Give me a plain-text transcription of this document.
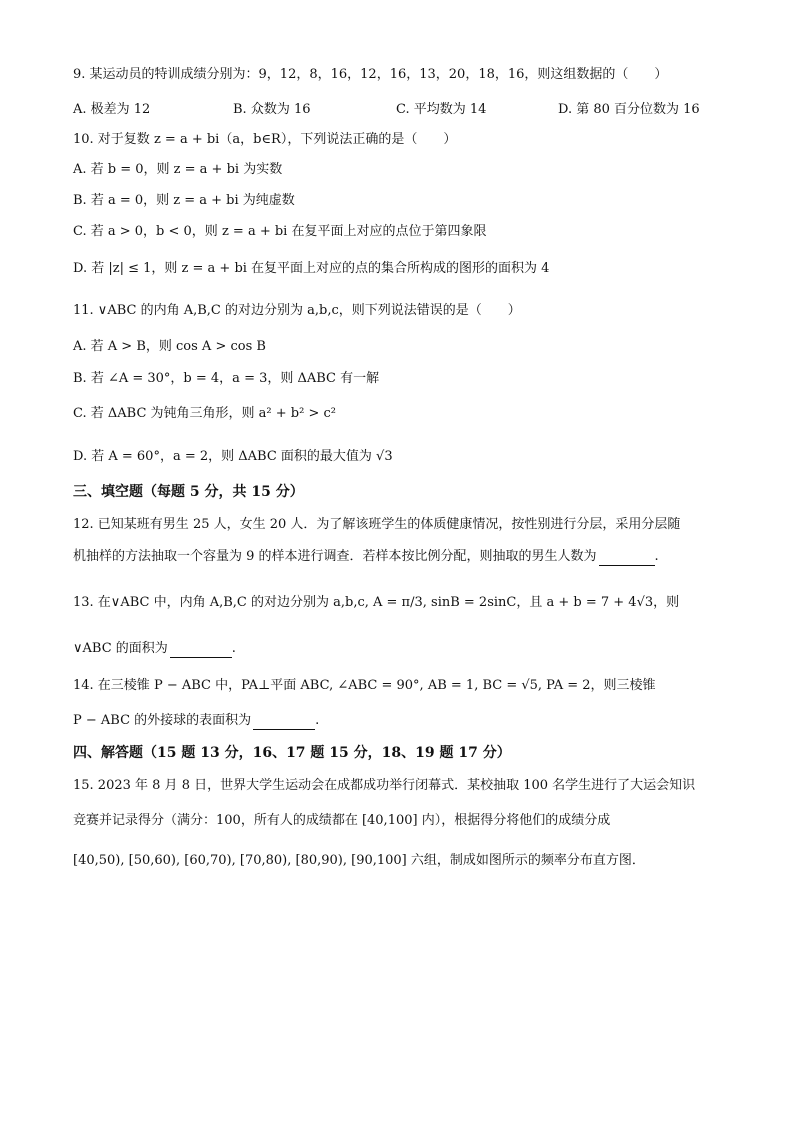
9. 某运动员的特训成绩分别为：9，12，8，16，12，16，13，20，18，16，则这组数据的（　　）
A. 极差为 12	B. 众数为 16	C. 平均数为 14	D. 第 80 百分位数为 16
10. 对于复数 z = a + bi（a，b∈R），下列说法正确的是（　　）
A. 若 b = 0，则 z = a + bi 为实数
B. 若 a = 0，则 z = a + bi 为纯虚数
C. 若 a > 0，b < 0，则 z = a + bi 在复平面上对应的点位于第四象限
D. 若 |z| ≤ 1，则 z = a + bi 在复平面上对应的点的集合所构成的图形的面积为 4
11. ∨ABC 的内角 A,B,C 的对边分别为 a,b,c，则下列说法错误的是（　　）
A. 若 A > B，则 cos A > cos B
B. 若 ∠A = 30°，b = 4，a = 3，则 ΔABC 有一解
C. 若 ΔABC 为钝角三角形，则 a² + b² > c²
D. 若 A = 60°，a = 2，则 ΔABC 面积的最大值为 √3
三、填空题（每题 5 分，共 15 分）
12. 已知某班有男生 25 人，女生 20 人．为了解该班学生的体质健康情况，按性别进行分层，采用分层随
机抽样的方法抽取一个容量为 9 的样本进行调查．若样本按比例分配，则抽取的男生人数为	.
13. 在∨ABC 中，内角 A,B,C 的对边分别为 a,b,c, A = π/3, sinB = 2sinC，且 a + b = 7 + 4√3，则
∨ABC 的面积为	.
14. 在三棱锥 P − ABC 中，PA⊥平面 ABC, ∠ABC = 90°, AB = 1, BC = √5, PA = 2，则三棱锥
P − ABC 的外接球的表面积为	.
四、解答题（15 题 13 分，16、17 题 15 分，18、19 题 17 分）
15. 2023 年 8 月 8 日，世界大学生运动会在成都成功举行闭幕式．某校抽取 100 名学生进行了大运会知识
竞赛并记录得分（满分：100，所有人的成绩都在 [40,100] 内），根据得分将他们的成绩分成
[40,50), [50,60), [60,70), [70,80), [80,90), [90,100] 六组，制成如图所示的频率分布直方图．
